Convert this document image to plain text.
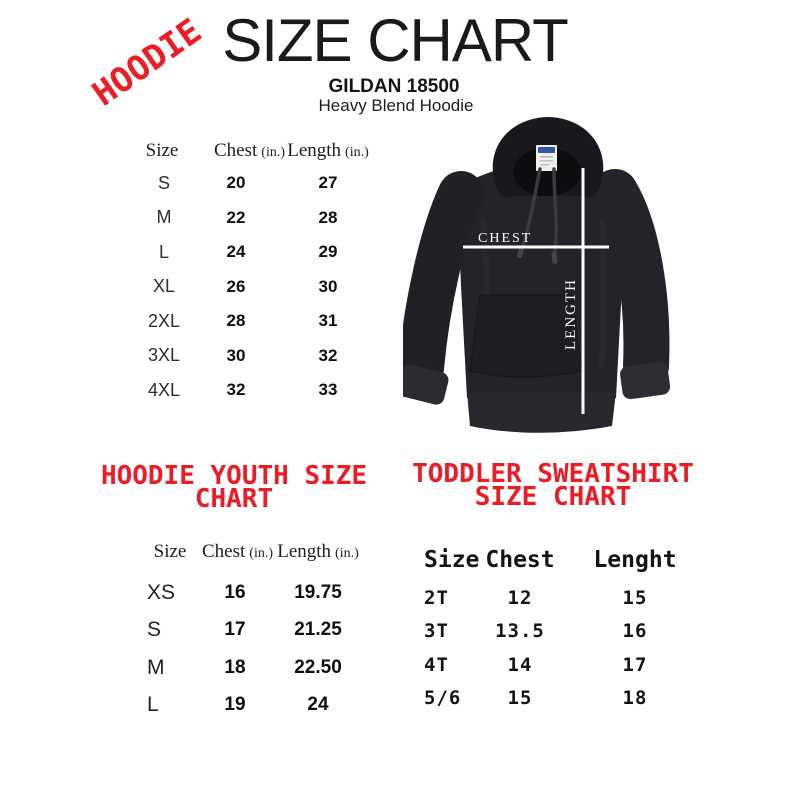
HOODIE SIZE CHART
GILDAN 18500
Heavy Blend Hoodie
Size	Chest (in.) Length (in.)
S	20	27
M	22	28
L	24	29
XL	26	30
2XL	28	31
3XL	30	32
4XL	32	33
CHEST
LENGTH
HOODIE YOUTH SIZE
CHART
Size Chest (in.) Length (in.)
XS	16	19.75
S	17	21.25
M	18	22.50
L	19	24
TODDLER SWEATSHIRT
SIZE CHART
Size Chest	Lenght
2T	12	15
3T	13.5	16
4T	14	17
5/6	15	18
